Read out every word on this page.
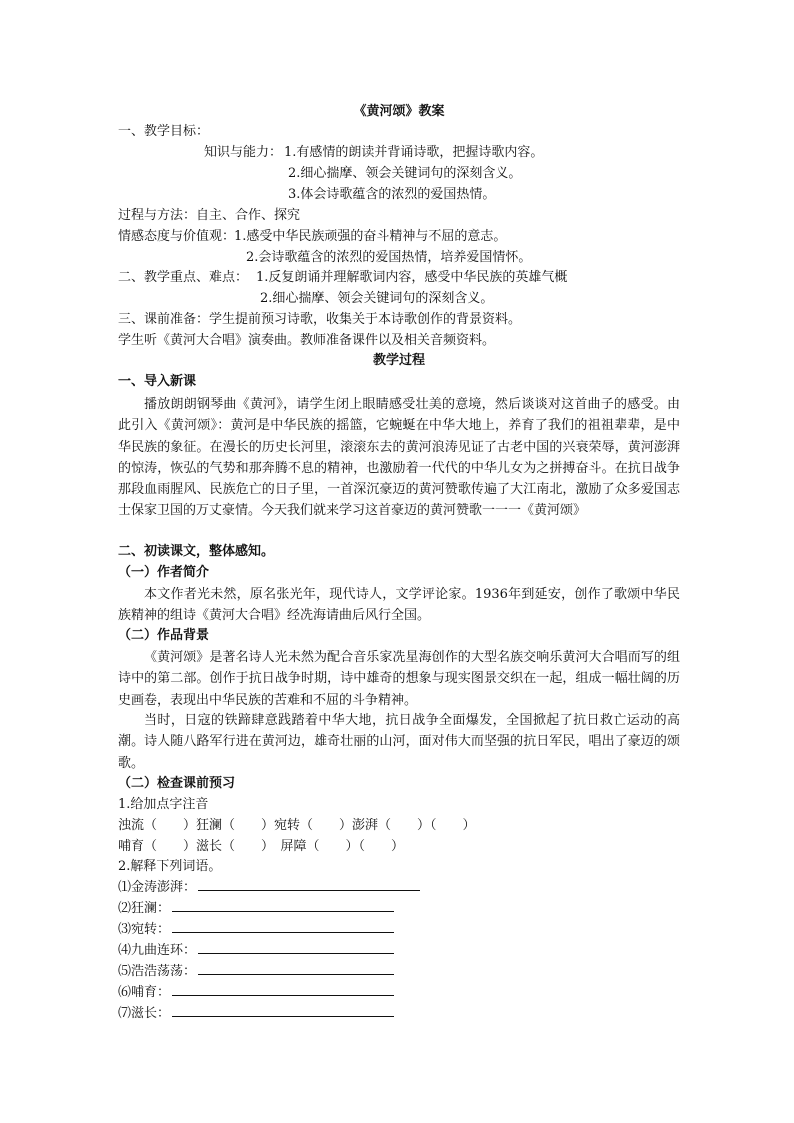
《黄河颂》教案
一、教学目标：
知识与能力： 1.有感情的朗读并背诵诗歌，把握诗歌内容。
2.细心揣摩、领会关键词句的深刻含义。
3.体会诗歌蕴含的浓烈的爱国热情。
过程与方法：自主、合作、探究
情感态度与价值观：
1.感受中华民族顽强的奋斗精神与不屈的意志。
2.会诗歌蕴含的浓烈的爱国热情，培养爱国情怀。
二、教学重点、难点： 1.反复朗诵并理解歌词内容，感受中华民族的英雄气概
2.细心揣摩、领会关键词句的深刻含义。
三、课前准备：学生提前预习诗歌，收集关于本诗歌创作的背景资料。
学生听《黄河大合唱》演奏曲。教师准备课件以及相关音频资料。
教学过程
一、导入新课
播放朗朗钢琴曲《黄河》，请学生闭上眼睛感受壮美的意境，然后谈谈对这首曲子的感受。由此引入《黄河颂》：黄河是中华民族的摇篮，它蜿蜒在中华大地上，养育了我们的祖祖辈辈，是中华民族的象征。在漫长的历史长河里，滚滚东去的黄河浪涛见证了古老中国的兴衰荣辱，黄河澎湃的惊涛，恢弘的气势和那奔腾不息的精神，也激励着一代代的中华儿女为之拼搏奋斗。在抗日战争那段血雨腥风、民族危亡的日子里，一首深沉豪迈的黄河赞歌传遍了大江南北，激励了众多爱国志士保家卫国的万丈豪情。今天我们就来学习这首豪迈的黄河赞歌一一一《黄河颂》
二、初读课文，整体感知。
（一）作者简介
本文作者光未然，原名张光年，现代诗人，文学评论家。1936年到延安，创作了歌颂中华民族精神的组诗《黄河大合唱》经冼海请曲后风行全国。
（二）作品背景
《黄河颂》是著名诗人光未然为配合音乐家冼星海创作的大型名族交响乐黄河大合唱而写的组诗中的第二部。创作于抗日战争时期，诗中雄奇的想象与现实图景交织在一起，组成一幅壮阔的历史画卷，表现出中华民族的苦难和不屈的斗争精神。
当时，日寇的铁蹄肆意践踏着中华大地，抗日战争全面爆发，全国掀起了抗日救亡运动的高潮。诗人随八路军行进在黄河边，雄奇壮丽的山河，面对伟大而坚强的抗日军民，唱出了豪迈的颂歌。
（二）检查课前预习
1.给加点字注音
浊流（　　）狂澜（　　）宛转（　　）澎湃（　　）（　　）
哺育（　　）滋长（　　）　屏障（　　）（　　）
2.解释下列词语。
⑴金涛澎湃：
⑵狂澜：
⑶宛转：
⑷九曲连环：
⑸浩浩荡荡：
⑹哺育：
⑺滋长：
